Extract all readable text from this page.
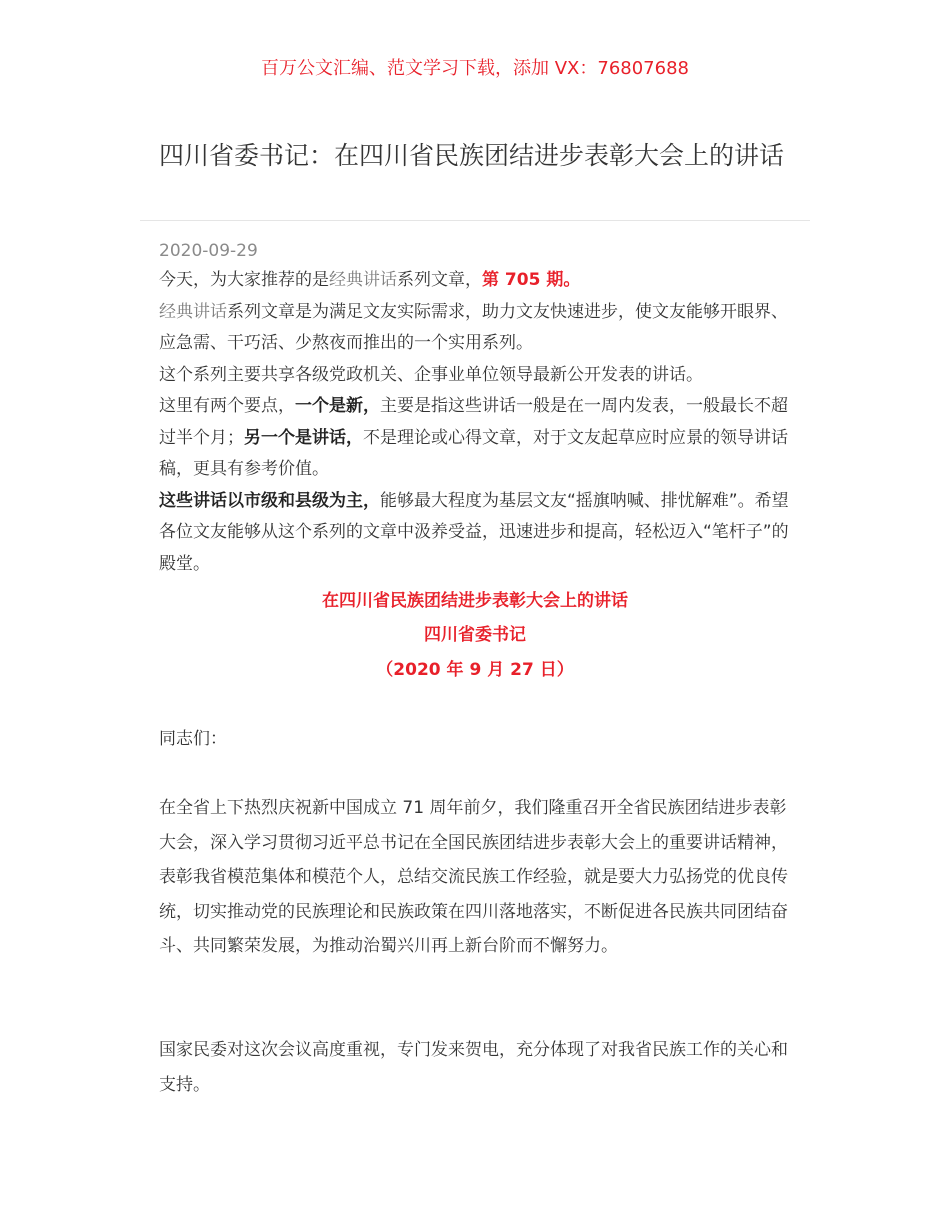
百万公文汇编、范文学习下载，添加 VX：76807688
四川省委书记：在四川省民族团结进步表彰大会上的讲话
2020-09-29

今天，为大家推荐的是经典讲话系列文章，第 705 期。

经典讲话系列文章是为满足文友实际需求，助力文友快速进步，使文友能够开眼界、应急需、干巧活、少熬夜而推出的一个实用系列。

这个系列主要共享各级党政机关、企事业单位领导最新公开发表的讲话。

这里有两个要点，一个是新，主要是指这些讲话一般是在一周内发表，一般最长不超过半个月；另一个是讲话，不是理论或心得文章，对于文友起草应时应景的领导讲话稿，更具有参考价值。

这些讲话以市级和县级为主，能够最大程度为基层文友“摇旗呐喊、排忧解难”。希望各位文友能够从这个系列的文章中汲养受益，迅速进步和提高，轻松迈入“笔杆子”的殿堂。

在四川省民族团结进步表彰大会上的讲话
四川省委书记
（2020 年 9 月 27 日）

同志们：

在全省上下热烈庆祝新中国成立 71 周年前夕，我们隆重召开全省民族团结进步表彰大会，深入学习贯彻习近平总书记在全国民族团结进步表彰大会上的重要讲话精神，表彰我省模范集体和模范个人，总结交流民族工作经验，就是要大力弘扬党的优良传统，切实推动党的民族理论和民族政策在四川落地落实，不断促进各民族共同团结奋斗、共同繁荣发展，为推动治蜀兴川再上新台阶而不懈努力。

国家民委对这次会议高度重视，专门发来贺电，充分体现了对我省民族工作的关心和支持。
